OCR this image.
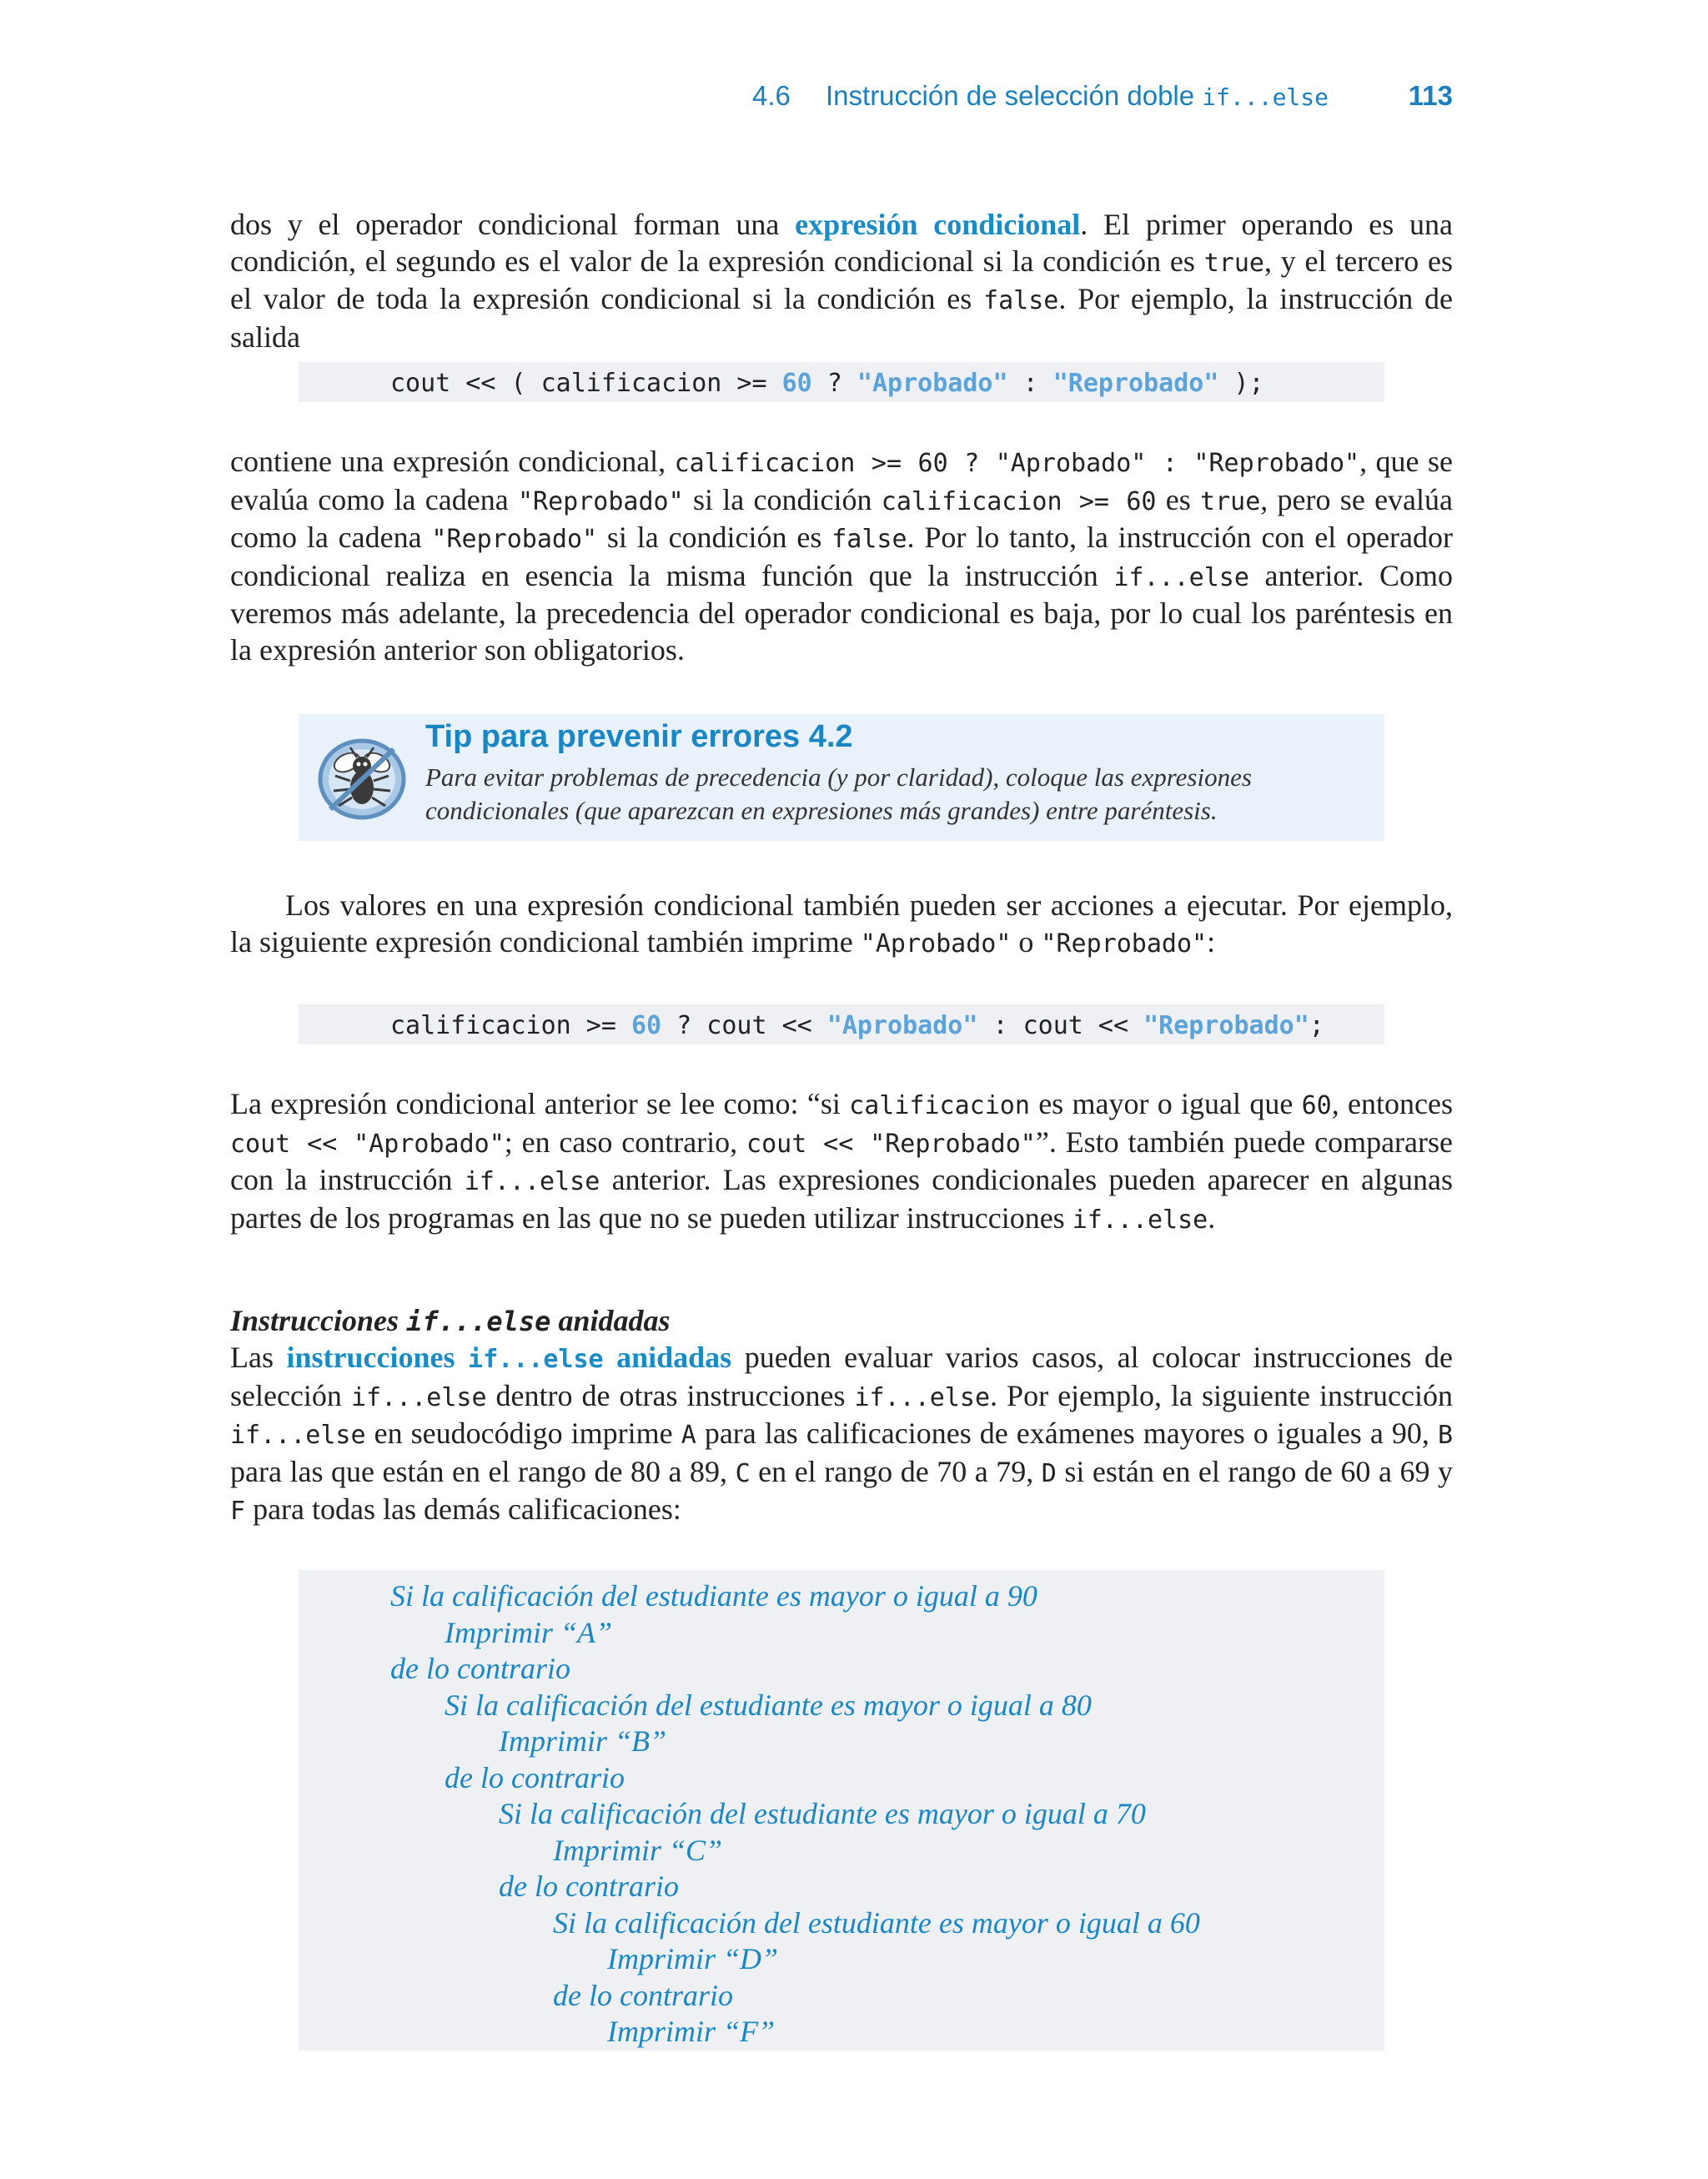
4.6 Instrucción de selección doble if...else	113

dos y el operador condicional forman una expresión condicional. El primer operando es una condición, el segundo es el valor de la expresión condicional si la condición es true, y el tercero es el valor de toda la expresión condicional si la condición es false. Por ejemplo, la instrucción de salida

cout << ( calificacion >= 60 ? "Aprobado" : "Reprobado" );

contiene una expresión condicional, calificacion >= 60 ? "Aprobado" : "Reprobado", que se evalúa como la cadena "Reprobado" si la condición calificacion >= 60 es true, pero se evalúa como la cadena "Reprobado" si la condición es false. Por lo tanto, la instrucción con el operador condicional realiza en esencia la misma función que la instrucción if...else anterior. Como veremos más adelante, la precedencia del operador condicional es baja, por lo cual los paréntesis en la expresión anterior son obligatorios.

Tip para prevenir errores 4.2

Para evitar problemas de precedencia (y por claridad), coloque las expresiones condicionales (que aparezcan en expresiones más grandes) entre paréntesis.

Los valores en una expresión condicional también pueden ser acciones a ejecutar. Por ejemplo, la siguiente expresión condicional también imprime "Aprobado" o "Reprobado":

calificacion >= 60 ? cout << "Aprobado" : cout << "Reprobado";

La expresión condicional anterior se lee como: “si calificacion es mayor o igual que 60, entonces cout << "Aprobado"; en caso contrario, cout << "Reprobado"”. Esto también puede compararse con la instrucción if...else anterior. Las expresiones condicionales pueden aparecer en algunas partes de los programas en las que no se pueden utilizar instrucciones if...else.

Instrucciones if...else anidadas

Las instrucciones if...else anidadas pueden evaluar varios casos, al colocar instrucciones de selección if...else dentro de otras instrucciones if...else. Por ejemplo, la siguiente instrucción if...else en seudocódigo imprime A para las calificaciones de exámenes mayores o iguales a 90, B para las que están en el rango de 80 a 89, C en el rango de 70 a 79, D si están en el rango de 60 a 69 y F para todas las demás calificaciones:

Si la calificación del estudiante es mayor o igual a 90
Imprimir “A”
de lo contrario
Si la calificación del estudiante es mayor o igual a 80
Imprimir “B”
de lo contrario
Si la calificación del estudiante es mayor o igual a 70
Imprimir “C”
de lo contrario
Si la calificación del estudiante es mayor o igual a 60
Imprimir “D”
de lo contrario
Imprimir “F”
